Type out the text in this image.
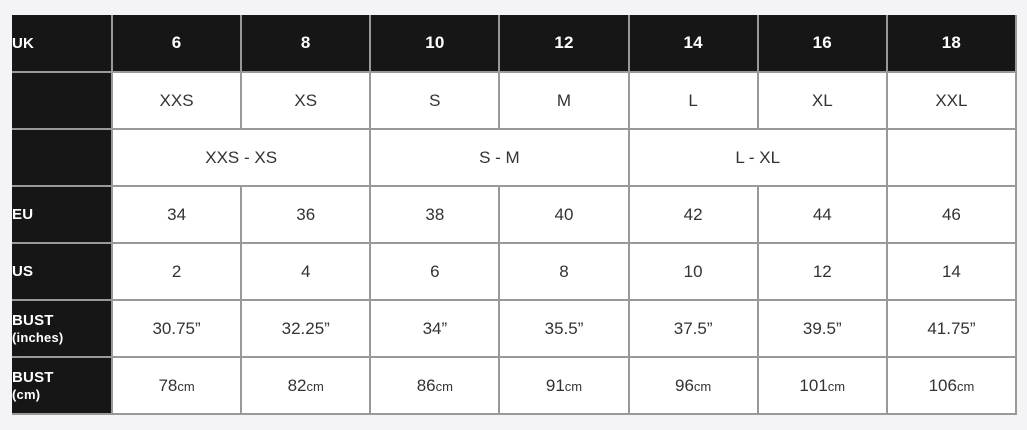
UK	6	8	10	12	14	16	18
	XXS	XS	S	M	L	XL	XXL
	XXS - XS		S - M		L - XL		
EU	34	36	38	40	42	44	46
US	2	4	6	8	10	12	14
BUST
(inches)	30.75”	32.25”	34”	35.5”	37.5”	39.5”	41.75”
BUST
(cm)	78cm	82cm	86cm	91cm	96cm	101cm	106cm
